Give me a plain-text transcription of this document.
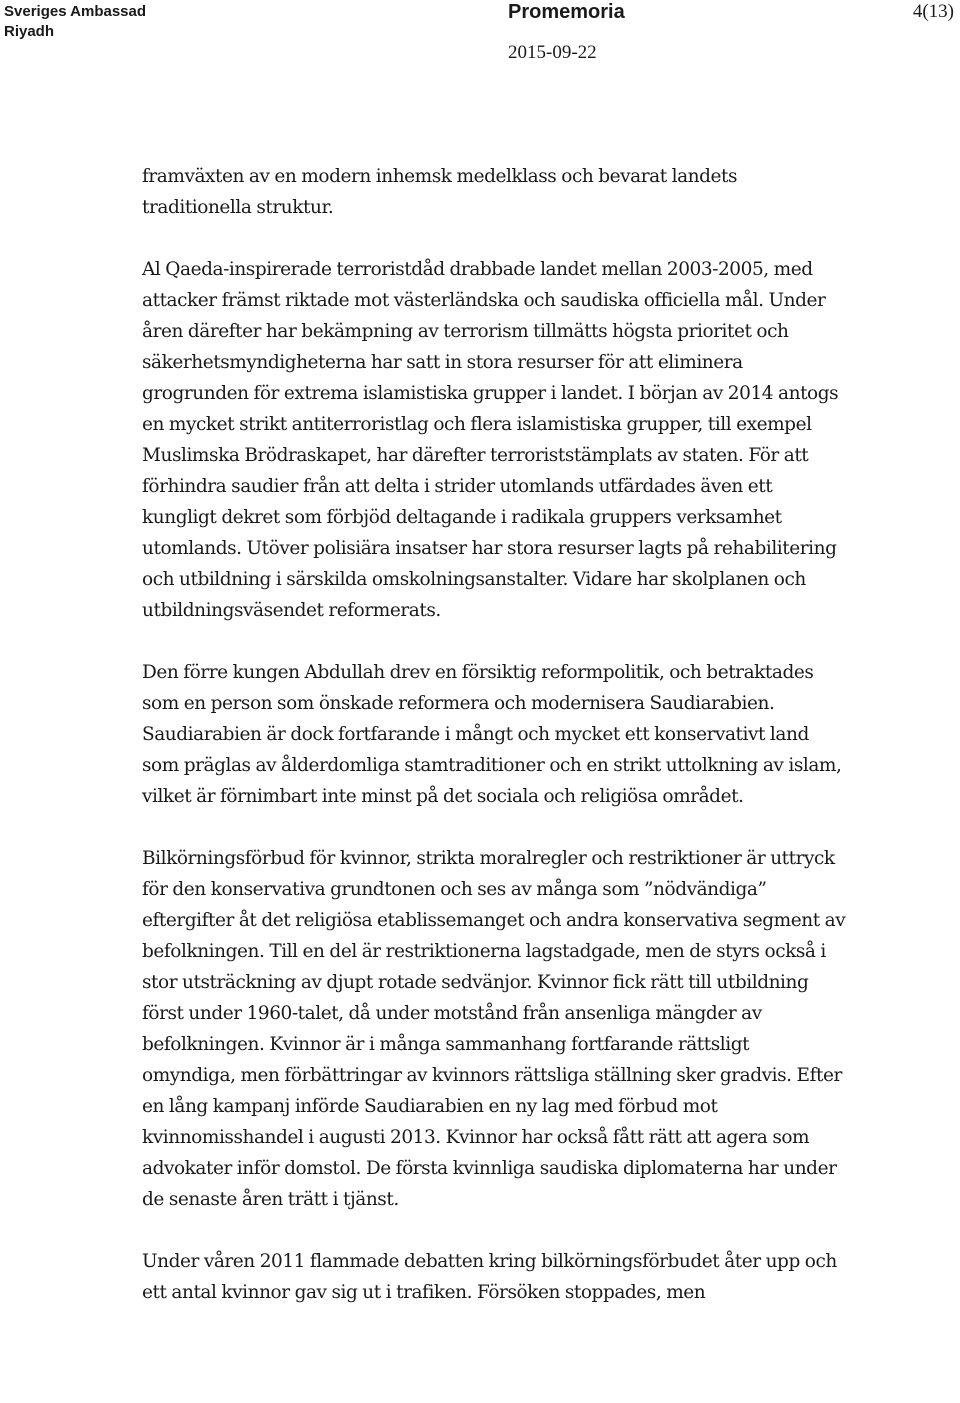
Sveriges Ambassad
Riyadh
Promemoria
2015-09-22
4(13)

framväxten av en modern inhemsk medelklass och bevarat landets traditionella struktur.

Al Qaeda-inspirerade terroristdåd drabbade landet mellan 2003-2005, med attacker främst riktade mot västerländska och saudiska officiella mål. Under åren därefter har bekämpning av terrorism tillmätts högsta prioritet och säkerhetsmyndigheterna har satt in stora resurser för att eliminera grogrunden för extrema islamistiska grupper i landet. I början av 2014 antogs en mycket strikt antiterroristlag och flera islamistiska grupper, till exempel Muslimska Brödraskapet, har därefter terroriststämplats av staten. För att förhindra saudier från att delta i strider utomlands utfärdades även ett kungligt dekret som förbjöd deltagande i radikala gruppers verksamhet utomlands. Utöver polisiära insatser har stora resurser lagts på rehabilitering och utbildning i särskilda omskolningsanstalter. Vidare har skolplanen och utbildningsväsendet reformerats.

Den förre kungen Abdullah drev en försiktig reformpolitik, och betraktades som en person som önskade reformera och modernisera Saudiarabien. Saudiarabien är dock fortfarande i mångt och mycket ett konservativt land som präglas av ålderdomliga stamtraditioner och en strikt uttolkning av islam, vilket är förnimbart inte minst på det sociala och religiösa området.

Bilkörningsförbud för kvinnor, strikta moralregler och restriktioner är uttryck för den konservativa grundtonen och ses av många som ”nödvändiga” eftergifter åt det religiösa etablissemanget och andra konservativa segment av befolkningen. Till en del är restriktionerna lagstadgade, men de styrs också i stor utsträckning av djupt rotade sedvänjor. Kvinnor fick rätt till utbildning först under 1960-talet, då under motstånd från ansenliga mängder av befolkningen. Kvinnor är i många sammanhang fortfarande rättsligt omyndiga, men förbättringar av kvinnors rättsliga ställning sker gradvis. Efter en lång kampanj införde Saudiarabien en ny lag med förbud mot kvinnomisshandel i augusti 2013. Kvinnor har också fått rätt att agera som advokater inför domstol. De första kvinnliga saudiska diplomaterna har under de senaste åren trätt i tjänst.

Under våren 2011 flammade debatten kring bilkörningsförbudet åter upp och ett antal kvinnor gav sig ut i trafiken. Försöken stoppades, men
